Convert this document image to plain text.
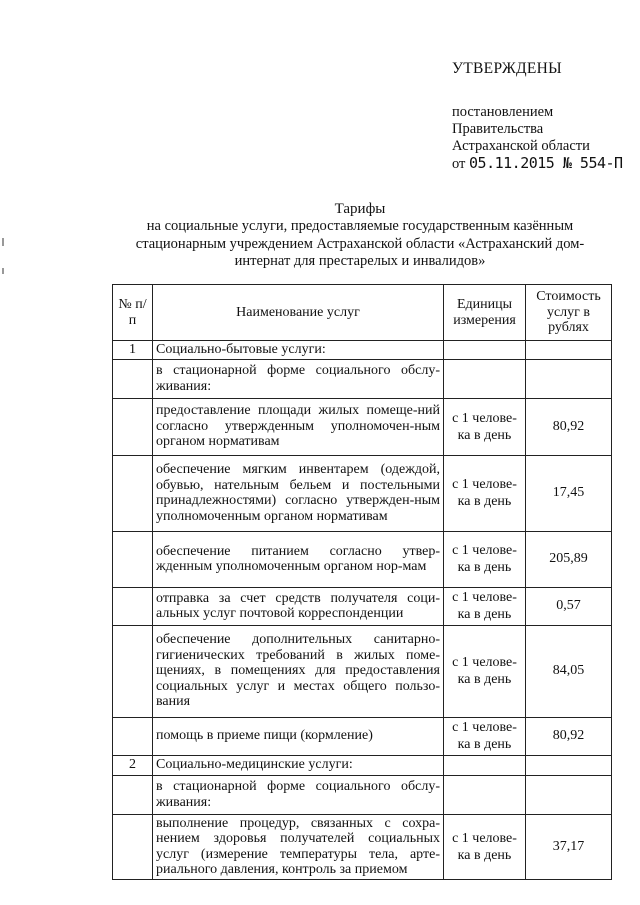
УТВЕРЖДЕНЫ
постановлением
Правительства
Астраханской области
от 05.11.2015 № 554-П
Тарифы
на социальные услуги, предоставляемые государственным казённым
стационарным учреждением Астраханской области «Астраханский дом-
интернат для престарелых и инвалидов»
№ п/п	Наименование услуг	Единицы измерения	Стоимость услуг в рублях
1	Социально-бытовые услуги:		
	в стационарной форме социального обслу-живания:		
	предоставление площади жилых помеще-ний согласно утвержденным уполномочен-ным органом нормативам	с 1 челове-ка в день	80,92
	обеспечение мягким инвентарем (одеждой, обувью, нательным бельем и постельными принадлежностями) согласно утвержден-ным уполномоченным органом нормативам	с 1 челове-ка в день	17,45
	обеспечение питанием согласно утвер-жденным уполномоченным органом нор-мам	с 1 челове-ка в день	205,89
	отправка за счет средств получателя соци-альных услуг почтовой корреспонденции	с 1 челове-ка в день	0,57
	обеспечение дополнительных санитарно-гигиенических требований в жилых поме-щениях, в помещениях для предоставления социальных услуг и местах общего пользо-вания	с 1 челове-ка в день	84,05
	помощь в приеме пищи (кормление)	с 1 челове-ка в день	80,92
2	Социально-медицинские услуги:		
	в стационарной форме социального обслу-живания:		
	выполнение процедур, связанных с сохра-нением здоровья получателей социальных услуг (измерение температуры тела, арте-риального давления, контроль за приемом	с 1 челове-ка в день	37,17
